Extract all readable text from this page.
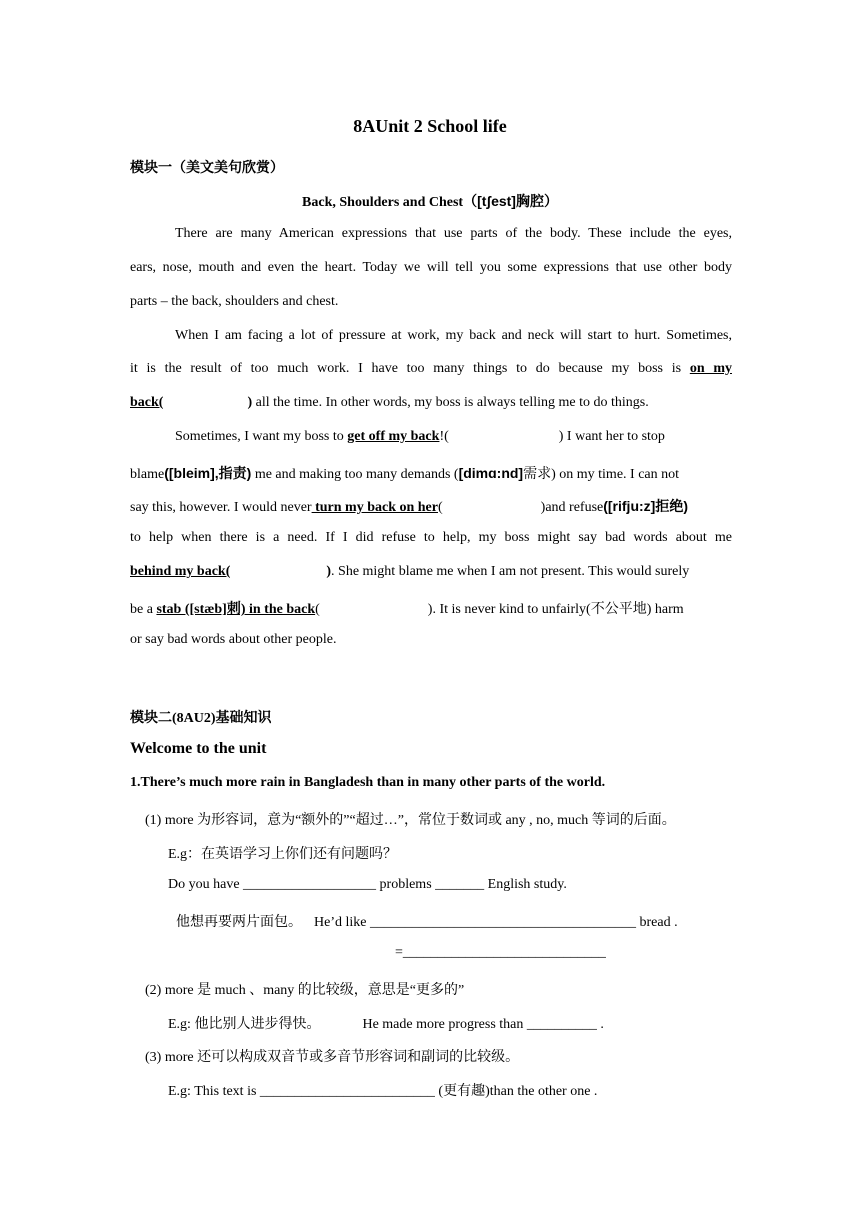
8AUnit 2 School life
模块一（美文美句欣赏）
Back, Shoulders and Chest（[tʃest]胸腔）
There are many American expressions that use parts of the body. These include the eyes,
ears, nose, mouth and even the heart. Today we will tell you some expressions that use other body
parts – the back, shoulders and chest.
When I am facing a lot of pressure at work, my back and neck will start to hurt. Sometimes,
it is the result of too much work. I have too many things to do because my boss is on my
back(	) all the time. In other words, my boss is always telling me to do things.
Sometimes, I want my boss to get off my back!(	) I want her to stop
blame([bleim],指责) me and making too many demands ([dimɑ:nd]需求) on my time. I can not
say this, however. I would never turn my back on her(	)and refuse([rifju:z]拒绝)
to help when there is a need. If I did refuse to help, my boss might say bad words about me
behind my back(	). She might blame me when I am not present. This would surely
be a stab ([stæb]刺) in the back(	). It is never kind to unfairly(不公平地) harm
or say bad words about other people.
模块二(8AU2)基础知识
Welcome to the unit
1.There’s much more rain in Bangladesh than in many other parts of the world.
(1) more 为形容词，意为“额外的”“超过…”，常位于数词或 any , no, much 等词的后面。
E.g：在英语学习上你们还有问题吗？
Do you have ___________________ problems _______ English study.
他想再要两片面包。 He’d like ______________________________________ bread .
=_____________________________
(2) more 是 much 、many 的比较级，意思是“更多的”
E.g: 他比别人进步得快。	He made more progress than __________ .
(3) more 还可以构成双音节或多音节形容词和副词的比较级。
E.g: This text is _________________________ (更有趣)than the other one .
